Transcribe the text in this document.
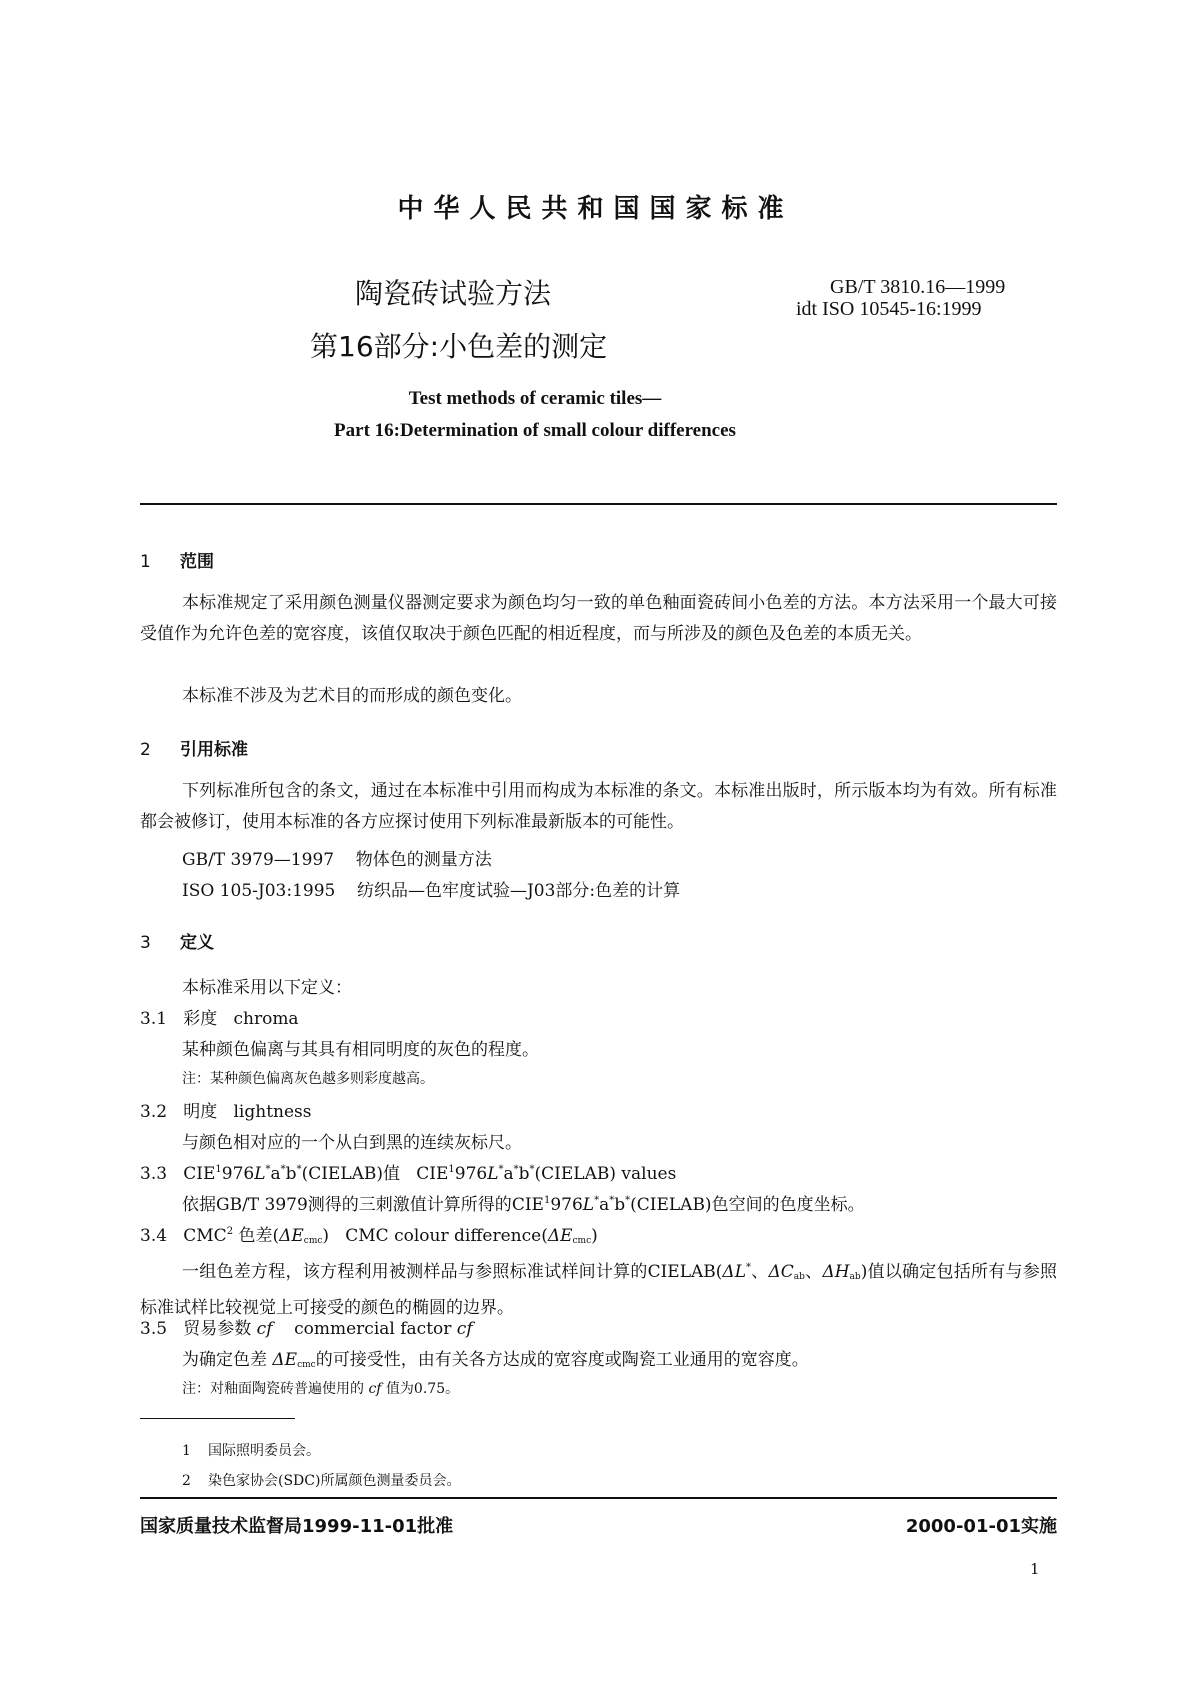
中华人民共和国国家标准
陶瓷砖试验方法
第16部分:小色差的测定
GB/T 3810.16—1999
idt ISO 10545-16:1999
Test methods of ceramic tiles—
Part 16:Determination of small colour differences
1 范围
本标准规定了采用颜色测量仪器测定要求为颜色均匀一致的单色釉面瓷砖间小色差的方法。本方法采用一个最大可接受值作为允许色差的宽容度，该值仅取决于颜色匹配的相近程度，而与所涉及的颜色及色差的本质无关。
本标准不涉及为艺术目的而形成的颜色变化。
2 引用标准
下列标准所包含的条文，通过在本标准中引用而构成为本标准的条文。本标准出版时，所示版本均为有效。所有标准都会被修订，使用本标准的各方应探讨使用下列标准最新版本的可能性。
GB/T 3979—1997 物体色的测量方法
ISO 105-J03:1995 纺织品—色牢度试验—J03部分:色差的计算
3 定义
本标准采用以下定义：
3.1 彩度 chroma
某种颜色偏离与其具有相同明度的灰色的程度。
注：某种颜色偏离灰色越多则彩度越高。
3.2 明度 lightness
与颜色相对应的一个从白到黑的连续灰标尺。
3.3 CIE$^1$976L*a*b*(CIELAB)值 CIE$^1$976L*a*b*(CIELAB) values
依据GB/T 3979测得的三刺激值计算所得的CIE$^1$976L*a*b*(CIELAB)色空间的色度坐标。
3.4 CMC$^2$ 色差$(\Delta E_{cmc})$   CMC colour $difference(\Delta E_{cmc})$
一组色差方程，该方程利用被测样品与参照标准试样间计算的CIELAB(ΔL*、$\Delta C_{ab}$、$\Delta H_{ab}$)值以确定包括所有与参照标准试样比较视觉上可接受的颜色的椭圆的边界。
3.5 贸易参数 cf commercial factor cf
为确定色差 $\Delta E_{cmc}$的可接受性，由有关各方达成的宽容度或陶瓷工业通用的宽容度。
注：对釉面陶瓷砖普遍使用的 cf 值为0.75。
1 国际照明委员会。
2 染色家协会(SDC)所属颜色测量委员会。
国家质量技术监督局1999-11-01批准	2000-01-01实施
1
